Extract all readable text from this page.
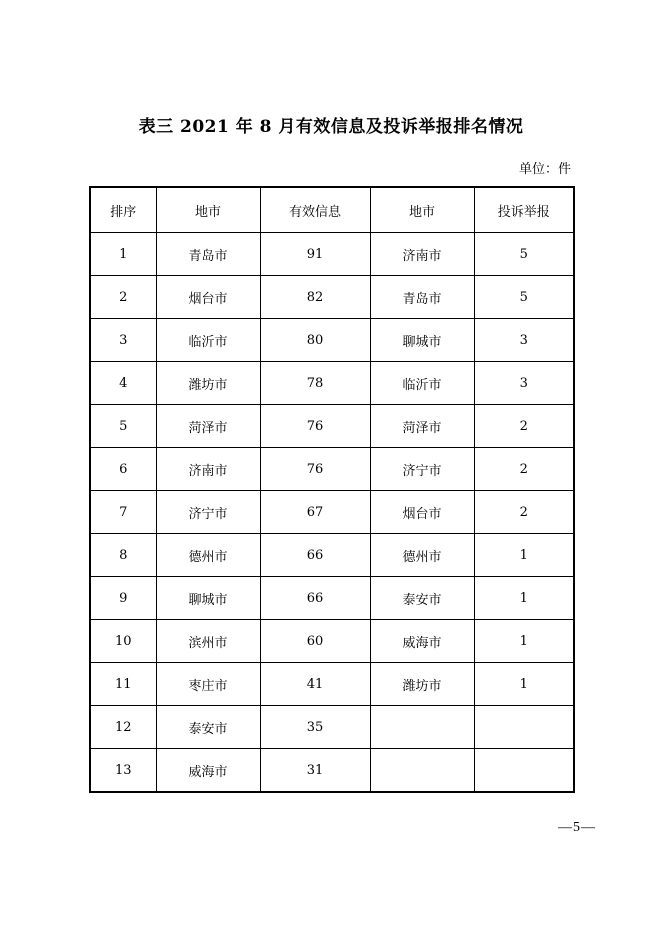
表三 2021 年 8 月有效信息及投诉举报排名情况
单位：件
排序	地市	有效信息	地市	投诉举报
1	青岛市	91	济南市	5
2	烟台市	82	青岛市	5
3	临沂市	80	聊城市	3
4	潍坊市	78	临沂市	3
5	菏泽市	76	菏泽市	2
6	济南市	76	济宁市	2
7	济宁市	67	烟台市	2
8	德州市	66	德州市	1
9	聊城市	66	泰安市	1
10	滨州市	60	威海市	1
11	枣庄市	41	潍坊市	1
12	泰安市	35		
13	威海市	31		
—5—
